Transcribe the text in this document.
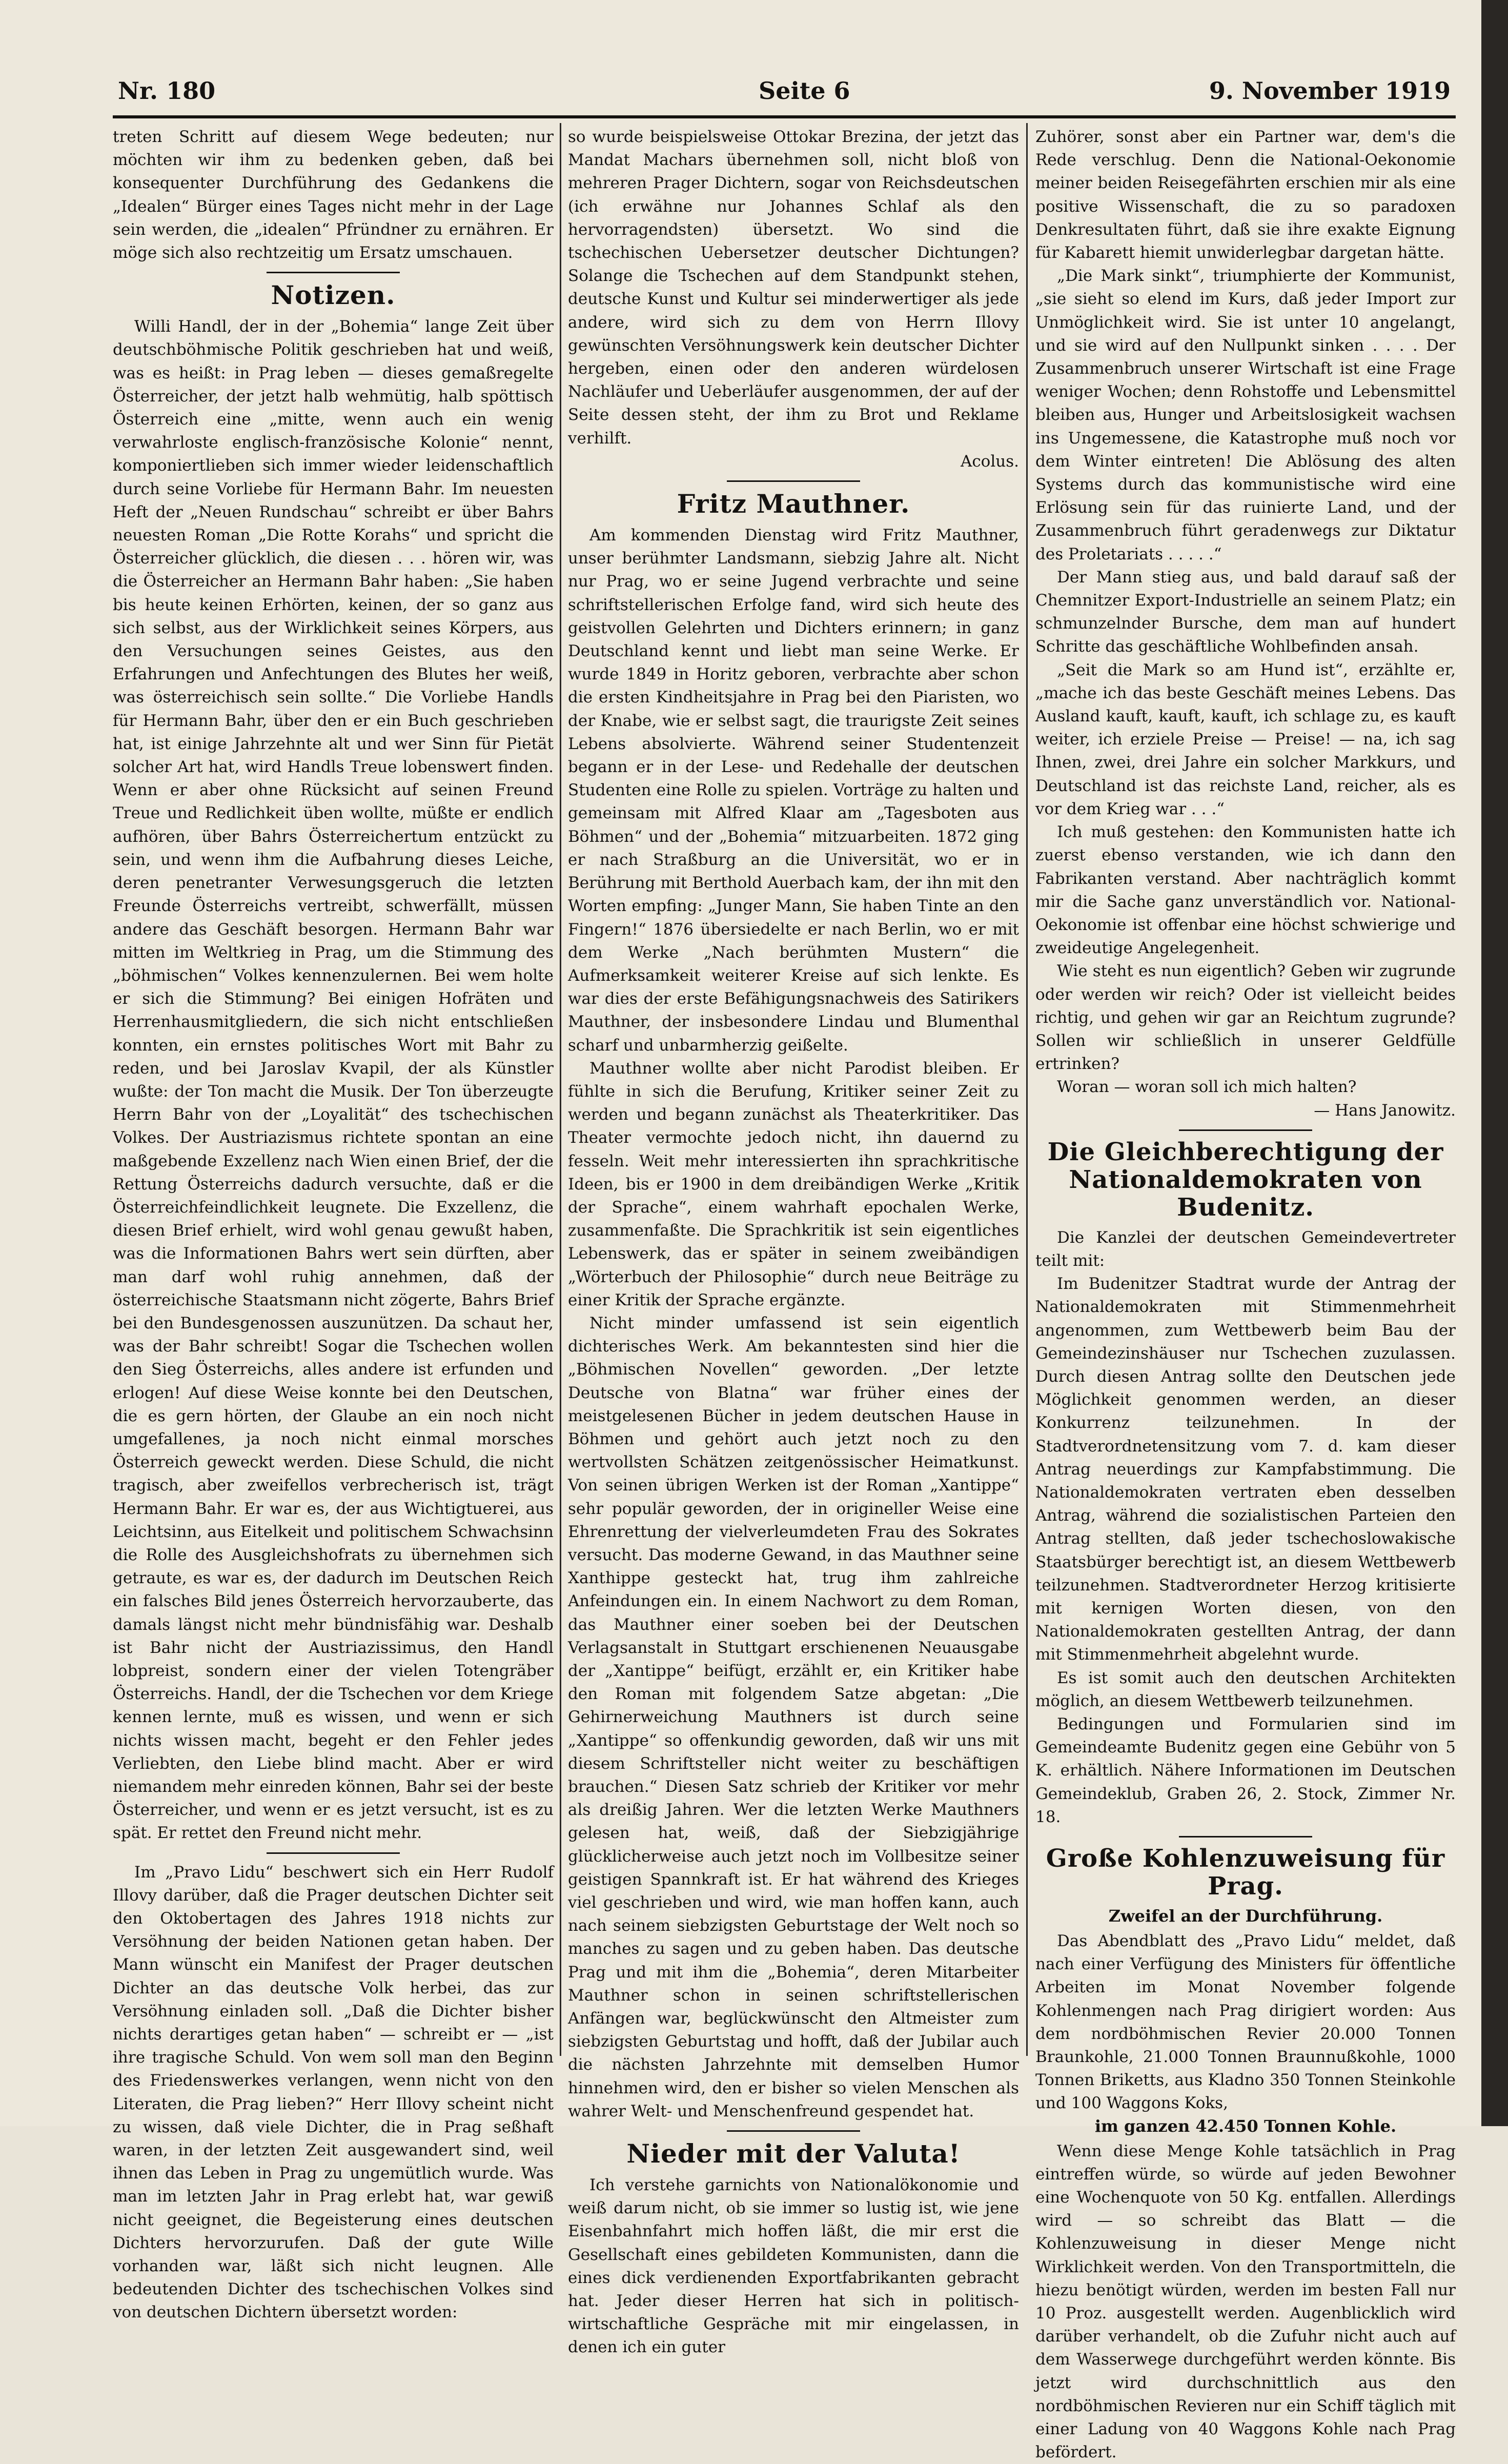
Nr. 180	Seite 6	9. November 1919

treten Schritt auf diesem Wege bedeuten; nur möchten wir ihm zu bedenken geben, daß bei konsequenter Durchführung des Gedankens die „Idealen“ Bürger eines Tages nicht mehr in der Lage sein werden, die „idealen“ Pfründner zu ernähren. Er möge sich also rechtzeitig um Ersatz umschauen.

Notizen.

Willi Handl, der in der „Bohemia“ lange Zeit über deutschböhmische Politik geschrieben hat und weiß, was es heißt: in Prag leben — dieses gemaßregelte Österreicher, der jetzt halb wehmütig, halb spöttisch Österreich eine „mitte, wenn auch ein wenig verwahrloste englisch-französische Kolonie“ nennt, komponiertlieben sich immer wieder leidenschaftlich durch seine Vorliebe für Hermann Bahr. Im neuesten Heft der „Neuen Rundschau“ schreibt er über Bahrs neuesten Roman „Die Rotte Korahs“ und spricht die Österreicher glücklich, die diesen . . . hören wir, was die Österreicher an Hermann Bahr haben: „Sie haben bis heute keinen Erhörten, keinen, der so ganz aus sich selbst, aus der Wirklichkeit seines Körpers, aus den Versuchungen seines Geistes, aus den Erfahrungen und Anfechtungen des Blutes her weiß, was österreichisch sein sollte.“ Die Vorliebe Handls für Hermann Bahr, über den er ein Buch geschrieben hat, ist einige Jahrzehnte alt und wer Sinn für Pietät solcher Art hat, wird Handls Treue lobenswert finden. Wenn er aber ohne Rücksicht auf seinen Freund Treue und Redlichkeit üben wollte, müßte er endlich aufhören, über Bahrs Österreichertum entzückt zu sein, und wenn ihm die Aufbahrung dieses Leiche, deren penetranter Verwesungsgeruch die letzten Freunde Österreichs vertreibt, schwerfällt, müssen andere das Geschäft besorgen. Hermann Bahr war mitten im Weltkrieg in Prag, um die Stimmung des „böhmischen“ Volkes kennenzulernen. Bei wem holte er sich die Stimmung? Bei einigen Hofräten und Herrenhausmitgliedern, die sich nicht entschließen konnten, ein ernstes politisches Wort mit Bahr zu reden, und bei Jaroslav Kvapil, der als Künstler wußte: der Ton macht die Musik. Der Ton überzeugte Herrn Bahr von der „Loyalität“ des tschechischen Volkes. Der Austriazismus richtete spontan an eine maßgebende Exzellenz nach Wien einen Brief, der die Rettung Österreichs dadurch versuchte, daß er die Österreichfeindlichkeit leugnete. Die Exzellenz, die diesen Brief erhielt, wird wohl genau gewußt haben, was die Informationen Bahrs wert sein dürften, aber man darf wohl ruhig annehmen, daß der österreichische Staatsmann nicht zögerte, Bahrs Brief bei den Bundesgenossen auszunützen. Da schaut her, was der Bahr schreibt! Sogar die Tschechen wollen den Sieg Österreichs, alles andere ist erfunden und erlogen! Auf diese Weise konnte bei den Deutschen, die es gern hörten, der Glaube an ein noch nicht umgefallenes, ja noch nicht einmal morsches Österreich geweckt werden. Diese Schuld, die nicht tragisch, aber zweifellos verbrecherisch ist, trägt Hermann Bahr. Er war es, der aus Wichtigtuerei, aus Leichtsinn, aus Eitelkeit und politischem Schwachsinn die Rolle des Ausgleichshofrats zu übernehmen sich getraute, es war es, der dadurch im Deutschen Reich ein falsches Bild jenes Österreich hervorzauberte, das damals längst nicht mehr bündnisfähig war. Deshalb ist Bahr nicht der Austriazissimus, den Handl lobpreist, sondern einer der vielen Totengräber Österreichs. Handl, der die Tschechen vor dem Kriege kennen lernte, muß es wissen, und wenn er sich nichts wissen macht, begeht er den Fehler jedes Verliebten, den Liebe blind macht. Aber er wird niemandem mehr einreden können, Bahr sei der beste Österreicher, und wenn er es jetzt versucht, ist es zu spät. Er rettet den Freund nicht mehr.

Im „Pravo Lidu“ beschwert sich ein Herr Rudolf Illovy darüber, daß die Prager deutschen Dichter seit den Oktobertagen des Jahres 1918 nichts zur Versöhnung der beiden Nationen getan haben. Der Mann wünscht ein Manifest der Prager deutschen Dichter an das deutsche Volk herbei, das zur Versöhnung einladen soll. „Daß die Dichter bisher nichts derartiges getan haben“ — schreibt er — „ist ihre tragische Schuld. Von wem soll man den Beginn des Friedenswerkes verlangen, wenn nicht von den Literaten, die Prag lieben?“ Herr Illovy scheint nicht zu wissen, daß viele Dichter, die in Prag seßhaft waren, in der letzten Zeit ausgewandert sind, weil ihnen das Leben in Prag zu ungemütlich wurde. Was man im letzten Jahr in Prag erlebt hat, war gewiß nicht geeignet, die Begeisterung eines deutschen Dichters hervorzurufen. Daß der gute Wille vorhanden war, läßt sich nicht leugnen. Alle bedeutenden Dichter des tschechischen Volkes sind von deutschen Dichtern übersetzt worden:

so wurde beispielsweise Ottokar Brezina, der jetzt das Mandat Machars übernehmen soll, nicht bloß von mehreren Prager Dichtern, sogar von Reichsdeutschen (ich erwähne nur Johannes Schlaf als den hervorragendsten) übersetzt. Wo sind die tschechischen Uebersetzer deutscher Dichtungen? Solange die Tschechen auf dem Standpunkt stehen, deutsche Kunst und Kultur sei minderwertiger als jede andere, wird sich zu dem von Herrn Illovy gewünschten Versöhnungswerk kein deutscher Dichter hergeben, einen oder den anderen würdelosen Nachläufer und Ueberläufer ausgenommen, der auf der Seite dessen steht, der ihm zu Brot und Reklame verhilft.

Acolus.

Fritz Mauthner.

Am kommenden Dienstag wird Fritz Mauthner, unser berühmter Landsmann, siebzig Jahre alt. Nicht nur Prag, wo er seine Jugend verbrachte und seine schriftstellerischen Erfolge fand, wird sich heute des geistvollen Gelehrten und Dichters erinnern; in ganz Deutschland kennt und liebt man seine Werke. Er wurde 1849 in Horitz geboren, verbrachte aber schon die ersten Kindheitsjahre in Prag bei den Piaristen, wo der Knabe, wie er selbst sagt, die traurigste Zeit seines Lebens absolvierte. Während seiner Studentenzeit begann er in der Lese- und Redehalle der deutschen Studenten eine Rolle zu spielen. Vorträge zu halten und gemeinsam mit Alfred Klaar am „Tagesboten aus Böhmen“ und der „Bohemia“ mitzuarbeiten. 1872 ging er nach Straßburg an die Universität, wo er in Berührung mit Berthold Auerbach kam, der ihn mit den Worten empfing: „Junger Mann, Sie haben Tinte an den Fingern!“ 1876 übersiedelte er nach Berlin, wo er mit dem Werke „Nach berühmten Mustern“ die Aufmerksamkeit weiterer Kreise auf sich lenkte. Es war dies der erste Befähigungsnachweis des Satirikers Mauthner, der insbesondere Lindau und Blumenthal scharf und unbarmherzig geißelte.

Mauthner wollte aber nicht Parodist bleiben. Er fühlte in sich die Berufung, Kritiker seiner Zeit zu werden und begann zunächst als Theaterkritiker. Das Theater vermochte jedoch nicht, ihn dauernd zu fesseln. Weit mehr interessierten ihn sprachkritische Ideen, bis er 1900 in dem dreibändigen Werke „Kritik der Sprache“, einem wahrhaft epochalen Werke, zusammenfaßte. Die Sprachkritik ist sein eigentliches Lebenswerk, das er später in seinem zweibändigen „Wörterbuch der Philosophie“ durch neue Beiträge zu einer Kritik der Sprache ergänzte.

Nicht minder umfassend ist sein eigentlich dichterisches Werk. Am bekanntesten sind hier die „Böhmischen Novellen“ geworden. „Der letzte Deutsche von Blatna“ war früher eines der meistgelesenen Bücher in jedem deutschen Hause in Böhmen und gehört auch jetzt noch zu den wertvollsten Schätzen zeitgenössischer Heimatkunst. Von seinen übrigen Werken ist der Roman „Xantippe“ sehr populär geworden, der in origineller Weise eine Ehrenrettung der vielverleumdeten Frau des Sokrates versucht. Das moderne Gewand, in das Mauthner seine Xanthippe gesteckt hat, trug ihm zahlreiche Anfeindungen ein. In einem Nachwort zu dem Roman, das Mauthner einer soeben bei der Deutschen Verlagsanstalt in Stuttgart erschienenen Neuausgabe der „Xantippe“ beifügt, erzählt er, ein Kritiker habe den Roman mit folgendem Satze abgetan: „Die Gehirnerweichung Mauthners ist durch seine „Xantippe“ so offenkundig geworden, daß wir uns mit diesem Schriftsteller nicht weiter zu beschäftigen brauchen.“ Diesen Satz schrieb der Kritiker vor mehr als dreißig Jahren. Wer die letzten Werke Mauthners gelesen hat, weiß, daß der Siebzigjährige glücklicherweise auch jetzt noch im Vollbesitze seiner geistigen Spannkraft ist. Er hat während des Krieges viel geschrieben und wird, wie man hoffen kann, auch nach seinem siebzigsten Geburtstage der Welt noch so manches zu sagen und zu geben haben. Das deutsche Prag und mit ihm die „Bohemia“, deren Mitarbeiter Mauthner schon in seinen schriftstellerischen Anfängen war, beglückwünscht den Altmeister zum siebzigsten Geburtstag und hofft, daß der Jubilar auch die nächsten Jahrzehnte mit demselben Humor hinnehmen wird, den er bisher so vielen Menschen als wahrer Welt- und Menschenfreund gespendet hat.

Nieder mit der Valuta!

Ich verstehe garnichts von Nationalökonomie und weiß darum nicht, ob sie immer so lustig ist, wie jene Eisenbahnfahrt mich hoffen läßt, die mir erst die Gesellschaft eines gebildeten Kommunisten, dann die eines dick verdienenden Exportfabrikanten gebracht hat. Jeder dieser Herren hat sich in politisch-wirtschaftliche Gespräche mit mir eingelassen, in denen ich ein guter

Zuhörer, sonst aber ein Partner war, dem's die Rede verschlug. Denn die National-Oekonomie meiner beiden Reisegefährten erschien mir als eine positive Wissenschaft, die zu so paradoxen Denkresultaten führt, daß sie ihre exakte Eignung für Kabarett hiemit unwiderlegbar dargetan hätte.

„Die Mark sinkt“, triumphierte der Kommunist, „sie sieht so elend im Kurs, daß jeder Import zur Unmöglichkeit wird. Sie ist unter 10 angelangt, und sie wird auf den Nullpunkt sinken . . . . Der Zusammenbruch unserer Wirtschaft ist eine Frage weniger Wochen; denn Rohstoffe und Lebensmittel bleiben aus, Hunger und Arbeitslosigkeit wachsen ins Ungemessene, die Katastrophe muß noch vor dem Winter eintreten! Die Ablösung des alten Systems durch das kommunistische wird eine Erlösung sein für das ruinierte Land, und der Zusammenbruch führt geradenwegs zur Diktatur des Proletariats . . . . .“

Der Mann stieg aus, und bald darauf saß der Chemnitzer Export-Industrielle an seinem Platz; ein schmunzelnder Bursche, dem man auf hundert Schritte das geschäftliche Wohlbefinden ansah.

„Seit die Mark so am Hund ist“, erzählte er, „mache ich das beste Geschäft meines Lebens. Das Ausland kauft, kauft, kauft, ich schlage zu, es kauft weiter, ich erziele Preise — Preise! — na, ich sag Ihnen, zwei, drei Jahre ein solcher Markkurs, und Deutschland ist das reichste Land, reicher, als es vor dem Krieg war . . .“

Ich muß gestehen: den Kommunisten hatte ich zuerst ebenso verstanden, wie ich dann den Fabrikanten verstand. Aber nachträglich kommt mir die Sache ganz unverständlich vor. National-Oekonomie ist offenbar eine höchst schwierige und zweideutige Angelegenheit.

Wie steht es nun eigentlich? Geben wir zugrunde oder werden wir reich? Oder ist vielleicht beides richtig, und gehen wir gar an Reichtum zugrunde? Sollen wir schließlich in unserer Geldfülle ertrinken?

Woran — woran soll ich mich halten?

— Hans Janowitz.

Die Gleichberechtigung der Nationaldemokraten von Budenitz.

Die Kanzlei der deutschen Gemeindevertreter teilt mit:

Im Budenitzer Stadtrat wurde der Antrag der Nationaldemokraten mit Stimmenmehrheit angenommen, zum Wettbewerb beim Bau der Gemeindezinshäuser nur Tschechen zuzulassen. Durch diesen Antrag sollte den Deutschen jede Möglichkeit genommen werden, an dieser Konkurrenz teilzunehmen. In der Stadtverordnetensitzung vom 7. d. kam dieser Antrag neuerdings zur Kampfabstimmung. Die Nationaldemokraten vertraten eben desselben Antrag, während die sozialistischen Parteien den Antrag stellten, daß jeder tschechoslowakische Staatsbürger berechtigt ist, an diesem Wettbewerb teilzunehmen. Stadtverordneter Herzog kritisierte mit kernigen Worten diesen, von den Nationaldemokraten gestellten Antrag, der dann mit Stimmenmehrheit abgelehnt wurde.

Es ist somit auch den deutschen Architekten möglich, an diesem Wettbewerb teilzunehmen.

Bedingungen und Formularien sind im Gemeindeamte Budenitz gegen eine Gebühr von 5 K. erhältlich. Nähere Informationen im Deutschen Gemeindeklub, Graben 26, 2. Stock, Zimmer Nr. 18.

Große Kohlenzuweisung für Prag.
Zweifel an der Durchführung.

Das Abendblatt des „Pravo Lidu“ meldet, daß nach einer Verfügung des Ministers für öffentliche Arbeiten im Monat November folgende Kohlenmengen nach Prag dirigiert worden: Aus dem nordböhmischen Revier 20.000 Tonnen Braunkohle, 21.000 Tonnen Braunnußkohle, 1000 Tonnen Briketts, aus Kladno 350 Tonnen Steinkohle und 100 Waggons Koks,

im ganzen 42.450 Tonnen Kohle.

Wenn diese Menge Kohle tatsächlich in Prag eintreffen würde, so würde auf jeden Bewohner eine Wochenquote von 50 Kg. entfallen. Allerdings wird — so schreibt das Blatt — die Kohlenzuweisung in dieser Menge nicht Wirklichkeit werden. Von den Transportmitteln, die hiezu benötigt würden, werden im besten Fall nur 10 Proz. ausgestellt werden. Augenblicklich wird darüber verhandelt, ob die Zufuhr nicht auch auf dem Wasserwege durchgeführt werden könnte. Bis jetzt wird durchschnittlich aus den nordböhmischen Revieren nur ein Schiff täglich mit einer Ladung von 40 Waggons Kohle nach Prag befördert.
